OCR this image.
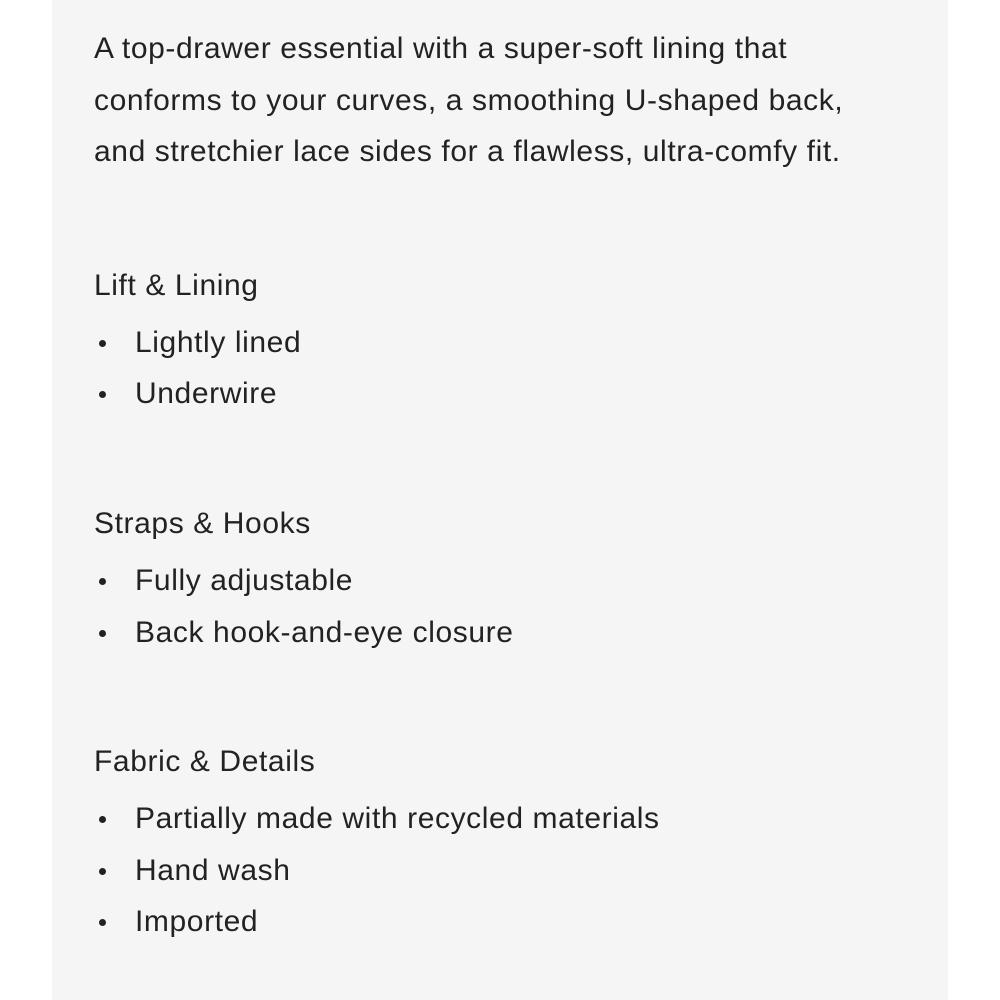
A top-drawer essential with a super-soft lining that conforms to your curves, a smoothing U-shaped back, and stretchier lace sides for a flawless, ultra-comfy fit.

Lift & Lining
Lightly lined
Underwire
Straps & Hooks
Fully adjustable
Back hook-and-eye closure
Fabric & Details
Partially made with recycled materials
Hand wash
Imported
